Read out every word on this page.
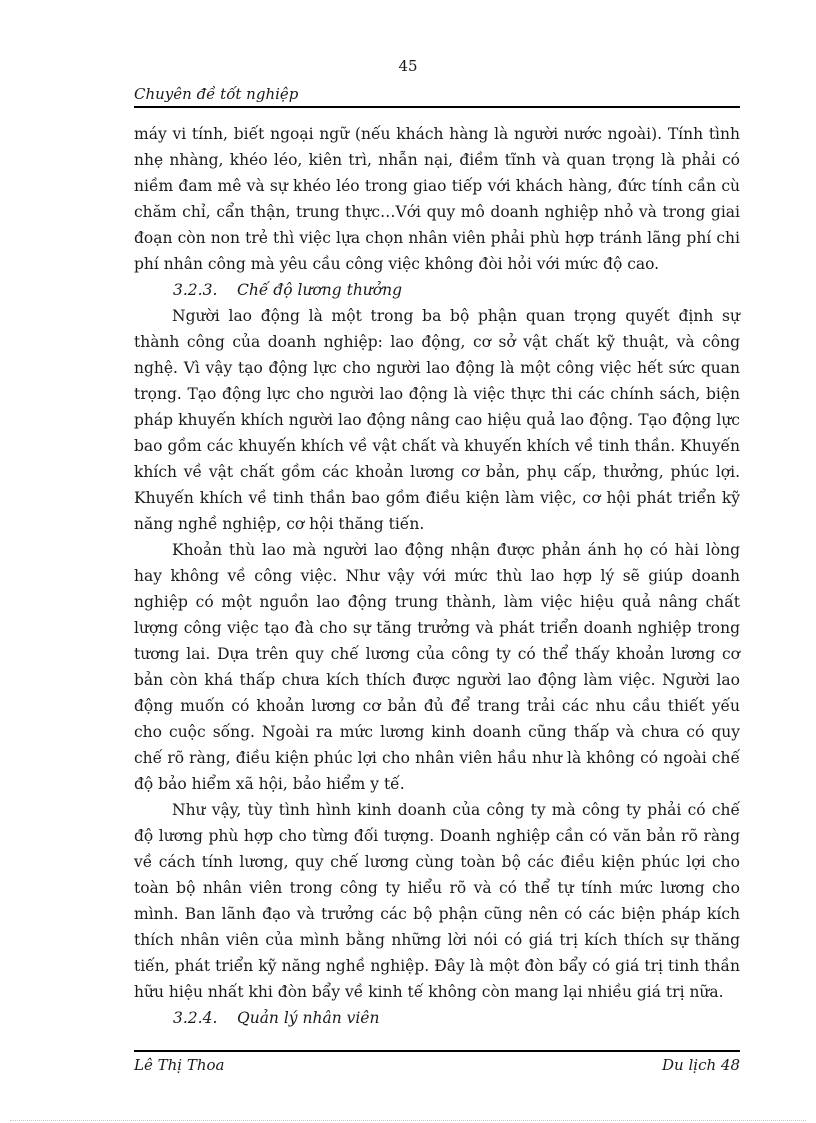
45
Chuyên đề tốt nghiệp

máy vi tính, biết ngoại ngữ (nếu khách hàng là người nước ngoài). Tính tình nhẹ nhàng, khéo léo, kiên trì, nhẫn nại, điềm tĩnh và quan trọng là phải có niềm đam mê và sự khéo léo trong giao tiếp với khách hàng, đức tính cần cù chăm chỉ, cẩn thận, trung thực…Với quy mô doanh nghiệp nhỏ và trong giai đoạn còn non trẻ thì việc lựa chọn nhân viên phải phù hợp tránh lãng phí chi phí nhân công mà yêu cầu công việc không đòi hỏi với mức độ cao.

3.2.3. Chế độ lương thưởng

Người lao động là một trong ba bộ phận quan trọng quyết định sự thành công của doanh nghiệp: lao động, cơ sở vật chất kỹ thuật, và công nghệ. Vì vậy tạo động lực cho người lao động là một công việc hết sức quan trọng. Tạo động lực cho người lao động là việc thực thi các chính sách, biện pháp khuyến khích người lao động nâng cao hiệu quả lao động. Tạo động lực bao gồm các khuyến khích về vật chất và khuyến khích về tinh thần. Khuyến khích về vật chất gồm các khoản lương cơ bản, phụ cấp, thưởng, phúc lợi. Khuyến khích về tinh thần bao gồm điều kiện làm việc, cơ hội phát triển kỹ năng nghề nghiệp, cơ hội thăng tiến.

Khoản thù lao mà người lao động nhận được phản ánh họ có hài lòng hay không về công việc. Như vậy với mức thù lao hợp lý sẽ giúp doanh nghiệp có một nguồn lao động trung thành, làm việc hiệu quả nâng chất lượng công việc tạo đà cho sự tăng trưởng và phát triển doanh nghiệp trong tương lai. Dựa trên quy chế lương của công ty có thể thấy khoản lương cơ bản còn khá thấp chưa kích thích được người lao động làm việc. Người lao động muốn có khoản lương cơ bản đủ để trang trải các nhu cầu thiết yếu cho cuộc sống. Ngoài ra mức lương kinh doanh cũng thấp và chưa có quy chế rõ ràng, điều kiện phúc lợi cho nhân viên hầu như là không có ngoài chế độ bảo hiểm xã hội, bảo hiểm y tế.

Như vậy, tùy tình hình kinh doanh của công ty mà công ty phải có chế độ lương phù hợp cho từng đối tượng. Doanh nghiệp cần có văn bản rõ ràng về cách tính lương, quy chế lương cùng toàn bộ các điều kiện phúc lợi cho toàn bộ nhân viên trong công ty hiểu rõ và có thể tự tính mức lương cho mình. Ban lãnh đạo và trưởng các bộ phận cũng nên có các biện pháp kích thích nhân viên của mình bằng những lời nói có giá trị kích thích sự thăng tiến, phát triển kỹ năng nghề nghiệp. Đây là một đòn bẩy có giá trị tinh thần hữu hiệu nhất khi đòn bẩy về kinh tế không còn mang lại nhiều giá trị nữa.

3.2.4. Quản lý nhân viên
Lê Thị Thoa	Du lịch 48
